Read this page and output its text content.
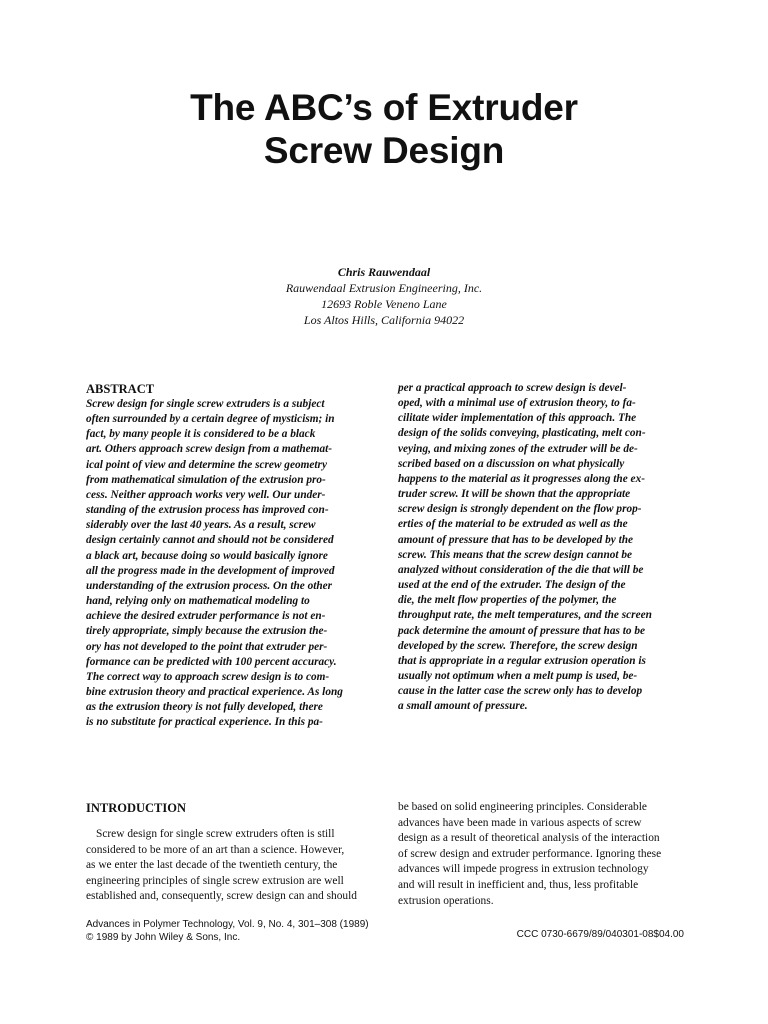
The ABC’s of Extruder
Screw Design
Chris Rauwendaal
Rauwendaal Extrusion Engineering, Inc.
12693 Roble Veneno Lane
Los Altos Hills, California 94022
ABSTRACT
Screw design for single screw extruders is a subject
often surrounded by a certain degree of mysticism; in
fact, by many people it is considered to be a black
art. Others approach screw design from a mathemat-
ical point of view and determine the screw geometry
from mathematical simulation of the extrusion pro-
cess. Neither approach works very well. Our under-
standing of the extrusion process has improved con-
siderably over the last 40 years. As a result, screw
design certainly cannot and should not be considered
a black art, because doing so would basically ignore
all the progress made in the development of improved
understanding of the extrusion process. On the other
hand, relying only on mathematical modeling to
achieve the desired extruder performance is not en-
tirely appropriate, simply because the extrusion the-
ory has not developed to the point that extruder per-
formance can be predicted with 100 percent accuracy.
The correct way to approach screw design is to com-
bine extrusion theory and practical experience. As long
as the extrusion theory is not fully developed, there
is no substitute for practical experience. In this pa-
per a practical approach to screw design is devel-
oped, with a minimal use of extrusion theory, to fa-
cilitate wider implementation of this approach. The
design of the solids conveying, plasticating, melt con-
veying, and mixing zones of the extruder will be de-
scribed based on a discussion on what physically
happens to the material as it progresses along the ex-
truder screw. It will be shown that the appropriate
screw design is strongly dependent on the flow prop-
erties of the material to be extruded as well as the
amount of pressure that has to be developed by the
screw. This means that the screw design cannot be
analyzed without consideration of the die that will be
used at the end of the extruder. The design of the
die, the melt flow properties of the polymer, the
throughput rate, the melt temperatures, and the screen
pack determine the amount of pressure that has to be
developed by the screw. Therefore, the screw design
that is appropriate in a regular extrusion operation is
usually not optimum when a melt pump is used, be-
cause in the latter case the screw only has to develop
a small amount of pressure.
INTRODUCTION
Screw design for single screw extruders often is still
considered to be more of an art than a science. However,
as we enter the last decade of the twentieth century, the
engineering principles of single screw extrusion are well
established and, consequently, screw design can and should
be based on solid engineering principles. Considerable
advances have been made in various aspects of screw
design as a result of theoretical analysis of the interaction
of screw design and extruder performance. Ignoring these
advances will impede progress in extrusion technology
and will result in inefficient and, thus, less profitable
extrusion operations.
Advances in Polymer Technology, Vol. 9, No. 4, 301–308 (1989)
© 1989 by John Wiley & Sons, Inc.	CCC 0730-6679/89/040301-08$04.00
